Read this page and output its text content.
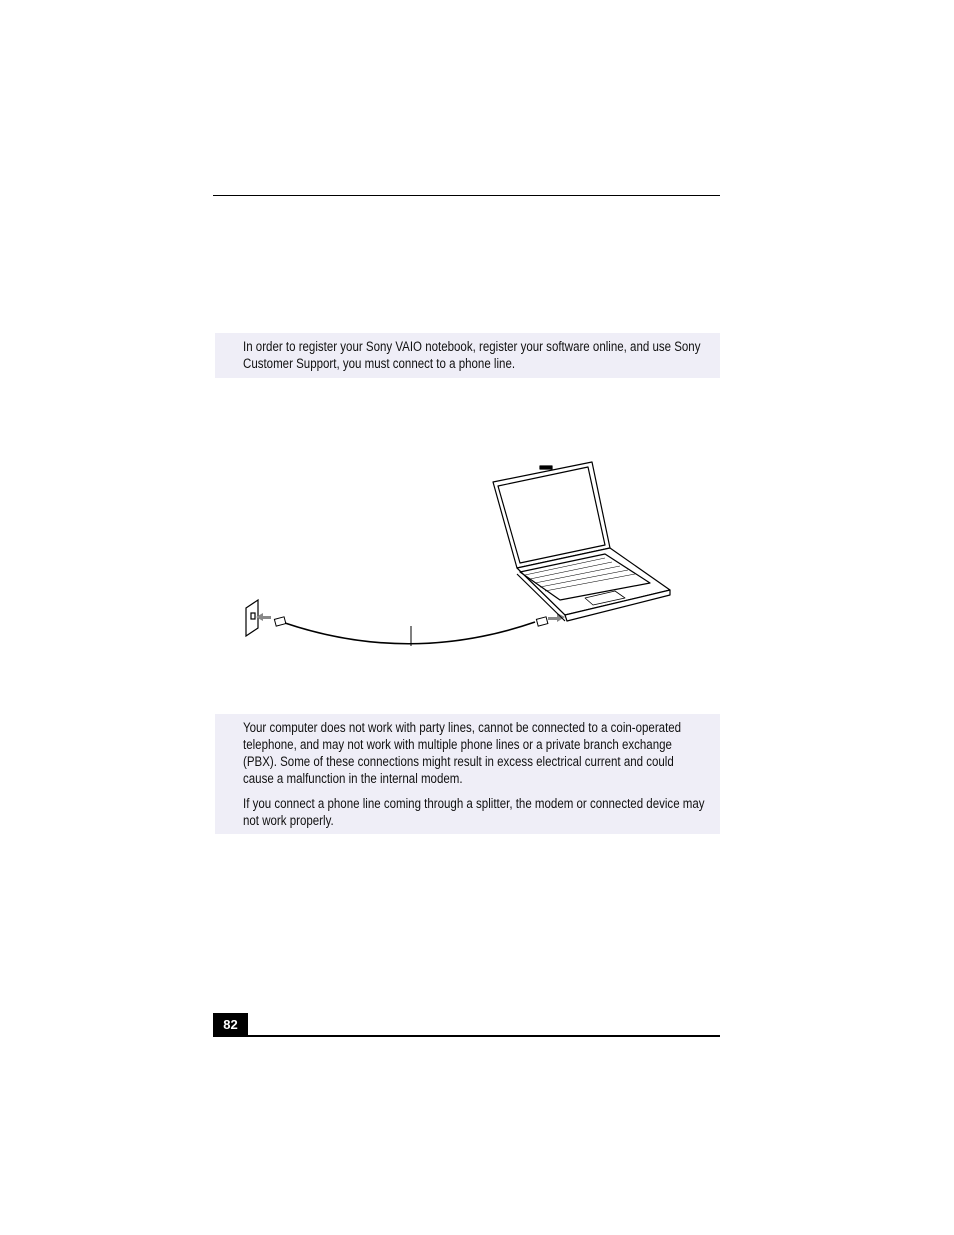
In order to register your Sony VAIO notebook, register your software online, and use Sony Customer Support, you must connect to a phone line.

Your computer does not work with party lines, cannot be connected to a coin-operated telephone, and may not work with multiple phone lines or a private branch exchange (PBX). Some of these connections might result in excess electrical current and could cause a malfunction in the internal modem.

If you connect a phone line coming through a splitter, the modem or connected device may not work properly.

82
